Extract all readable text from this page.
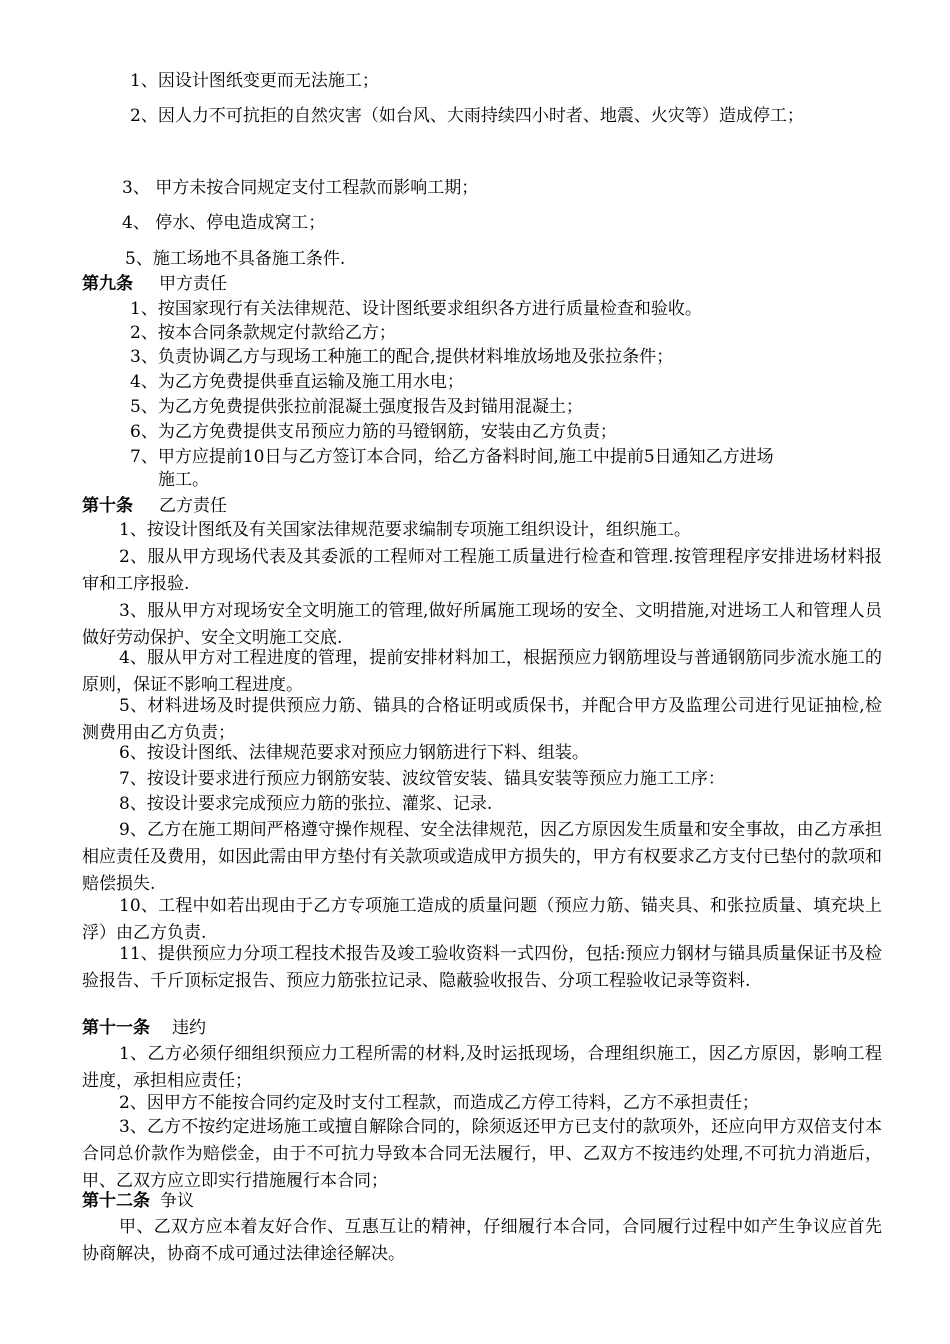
1、因设计图纸变更而无法施工；
2、因人力不可抗拒的自然灾害（如台风、大雨持续四小时者、地震、火灾等）造成停工；
3、 甲方未按合同规定支付工程款而影响工期；
4、 停水、停电造成窝工；
5、施工场地不具备施工条件.
第九条 甲方责任
1、按国家现行有关法律规范、设计图纸要求组织各方进行质量检查和验收。
2、按本合同条款规定付款给乙方；
3、负责协调乙方与现场工种施工的配合,提供材料堆放场地及张拉条件；
4、为乙方免费提供垂直运输及施工用水电；
5、为乙方免费提供张拉前混凝土强度报告及封锚用混凝土；
6、为乙方免费提供支吊预应力筋的马镫钢筋，安装由乙方负责；
7、甲方应提前10日与乙方签订本合同，给乙方备料时间,施工中提前5日通知乙方进场
施工。
第十条 乙方责任
1、按设计图纸及有关国家法律规范要求编制专项施工组织设计，组织施工。
2、服从甲方现场代表及其委派的工程师对工程施工质量进行检查和管理.按管理程序安排进场材料报审和工序报验.
3、服从甲方对现场安全文明施工的管理,做好所属施工现场的安全、文明措施,对进场工人和管理人员做好劳动保护、安全文明施工交底.
4、服从甲方对工程进度的管理，提前安排材料加工，根据预应力钢筋埋设与普通钢筋同步流水施工的原则，保证不影响工程进度。
5、材料进场及时提供预应力筋、锚具的合格证明或质保书，并配合甲方及监理公司进行见证抽检,检测费用由乙方负责；
6、按设计图纸、法律规范要求对预应力钢筋进行下料、组装。
7、按设计要求进行预应力钢筋安装、波纹管安装、锚具安装等预应力施工工序：
8、按设计要求完成预应力筋的张拉、灌浆、记录.
9、乙方在施工期间严格遵守操作规程、安全法律规范，因乙方原因发生质量和安全事故，由乙方承担相应责任及费用，如因此需由甲方垫付有关款项或造成甲方损失的，甲方有权要求乙方支付已垫付的款项和赔偿损失.
10、工程中如若出现由于乙方专项施工造成的质量问题（预应力筋、锚夹具、和张拉质量、填充块上浮）由乙方负责.
11、提供预应力分项工程技术报告及竣工验收资料一式四份，包括:预应力钢材与锚具质量保证书及检验报告、千斤顶标定报告、预应力筋张拉记录、隐蔽验收报告、分项工程验收记录等资料.
第十一条 违约
1、乙方必须仔细组织预应力工程所需的材料,及时运抵现场，合理组织施工，因乙方原因，影响工程进度，承担相应责任；
2、因甲方不能按合同约定及时支付工程款，而造成乙方停工待料，乙方不承担责任；
3、乙方不按约定进场施工或擅自解除合同的，除须返还甲方已支付的款项外，还应向甲方双倍支付本合同总价款作为赔偿金，由于不可抗力导致本合同无法履行，甲、乙双方不按违约处理,不可抗力消逝后，甲、乙双方应立即实行措施履行本合同；
第十二条 争议
甲、乙双方应本着友好合作、互惠互让的精神，仔细履行本合同，合同履行过程中如产生争议应首先协商解决，协商不成可通过法律途径解决。
